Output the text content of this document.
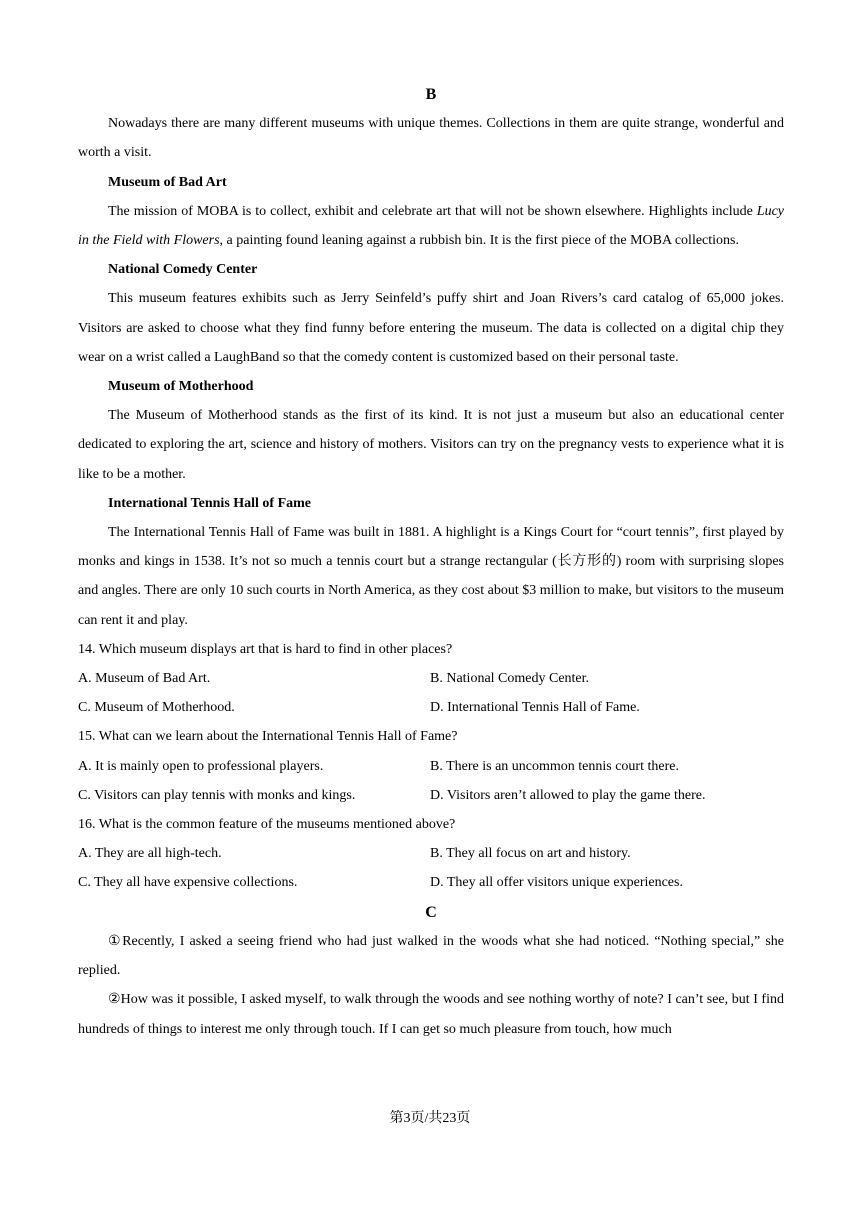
B

Nowadays there are many different museums with unique themes. Collections in them are quite strange, wonderful and worth a visit.

Museum of Bad Art

The mission of MOBA is to collect, exhibit and celebrate art that will not be shown elsewhere. Highlights include Lucy in the Field with Flowers, a painting found leaning against a rubbish bin. It is the first piece of the MOBA collections.

National Comedy Center

This museum features exhibits such as Jerry Seinfeld’s puffy shirt and Joan Rivers’s card catalog of 65,000 jokes. Visitors are asked to choose what they find funny before entering the museum. The data is collected on a digital chip they wear on a wrist called a LaughBand so that the comedy content is customized based on their personal taste.

Museum of Motherhood

The Museum of Motherhood stands as the first of its kind. It is not just a museum but also an educational center dedicated to exploring the art, science and history of mothers. Visitors can try on the pregnancy vests to experience what it is like to be a mother.

International Tennis Hall of Fame

The International Tennis Hall of Fame was built in 1881. A highlight is a Kings Court for “court tennis”, first played by monks and kings in 1538. It’s not so much a tennis court but a strange rectangular (长方形的) room with surprising slopes and angles. There are only 10 such courts in North America, as they cost about $3 million to make, but visitors to the museum can rent it and play.

14. Which museum displays art that is hard to find in other places?

A. Museum of Bad Art.	B. National Comedy Center.
C. Museum of Motherhood.	D. International Tennis Hall of Fame.

15. What can we learn about the International Tennis Hall of Fame?

A. It is mainly open to professional players.	B. There is an uncommon tennis court there.
C. Visitors can play tennis with monks and kings.	D. Visitors aren’t allowed to play the game there.

16. What is the common feature of the museums mentioned above?

A. They are all high-tech.	B. They all focus on art and history.
C. They all have expensive collections.	D. They all offer visitors unique experiences.
C

①Recently, I asked a seeing friend who had just walked in the woods what she had noticed. “Nothing special,” she replied.

②How was it possible, I asked myself, to walk through the woods and see nothing worthy of note? I can’t see, but I find hundreds of things to interest me only through touch. If I can get so much pleasure from touch, how much

第3页/共23页
